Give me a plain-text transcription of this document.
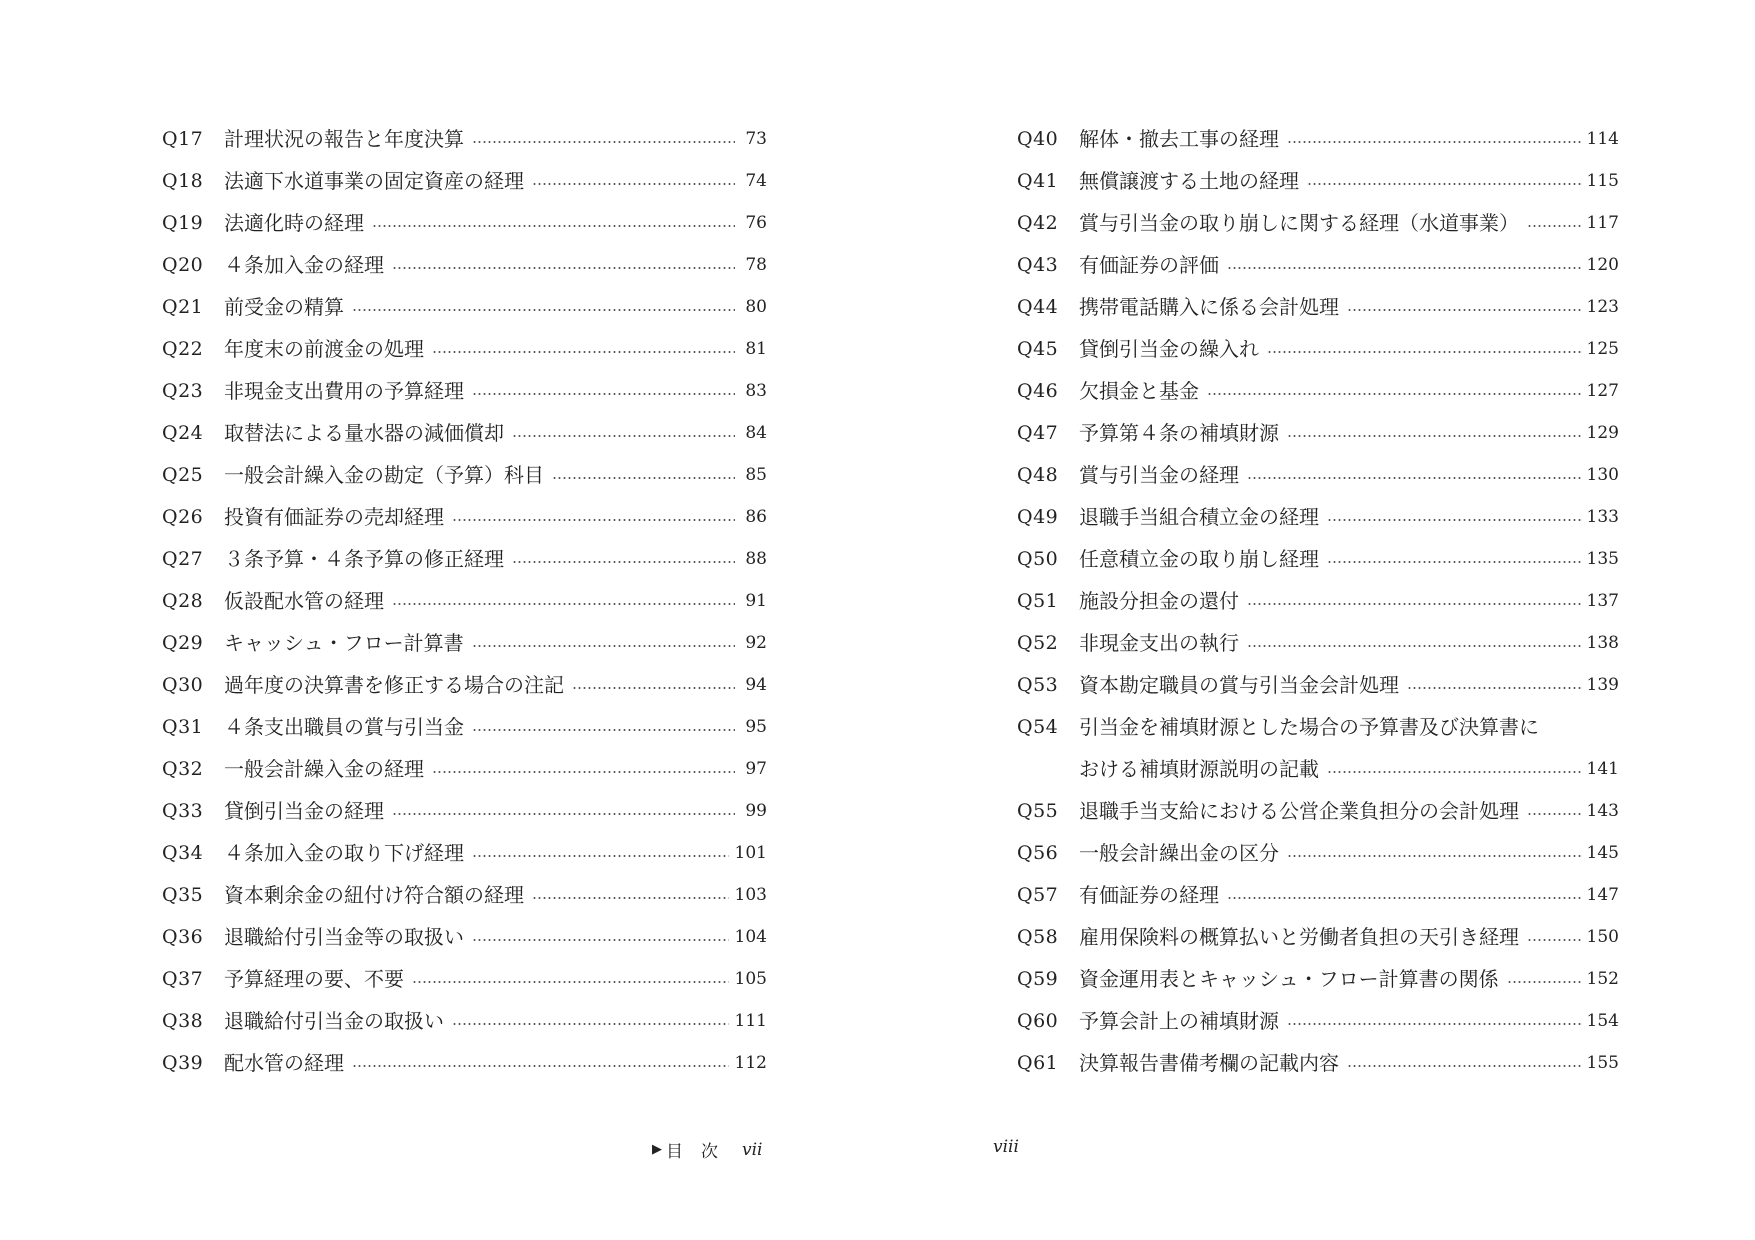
Q17	計理状況の報告と年度決算	73
Q18	法適下水道事業の固定資産の経理	74
Q19	法適化時の経理	76
Q20	４条加入金の経理	78
Q21	前受金の精算	80
Q22	年度末の前渡金の処理	81
Q23	非現金支出費用の予算経理	83
Q24	取替法による量水器の減価償却	84
Q25	一般会計繰入金の勘定（予算）科目	85
Q26	投資有価証券の売却経理	86
Q27	３条予算・４条予算の修正経理	88
Q28	仮設配水管の経理	91
Q29	キャッシュ・フロー計算書	92
Q30	過年度の決算書を修正する場合の注記	94
Q31	４条支出職員の賞与引当金	95
Q32	一般会計繰入金の経理	97
Q33	貸倒引当金の経理	99
Q34	４条加入金の取り下げ経理	101
Q35	資本剰余金の紐付け符合額の経理	103
Q36	退職給付引当金等の取扱い	104
Q37	予算経理の要、不要	105
Q38	退職給付引当金の取扱い	111
Q39	配水管の経理	112
Q40	解体・撤去工事の経理	114
Q41	無償譲渡する土地の経理	115
Q42	賞与引当金の取り崩しに関する経理（水道事業）	117
Q43	有価証券の評価	120
Q44	携帯電話購入に係る会計処理	123
Q45	貸倒引当金の繰入れ	125
Q46	欠損金と基金	127
Q47	予算第４条の補填財源	129
Q48	賞与引当金の経理	130
Q49	退職手当組合積立金の経理	133
Q50	任意積立金の取り崩し経理	135
Q51	施設分担金の還付	137
Q52	非現金支出の執行	138
Q53	資本勘定職員の賞与引当金会計処理	139
Q54	引当金を補填財源とした場合の予算書及び決算書に
おける補填財源説明の記載	141
Q55	退職手当支給における公営企業負担分の会計処理	143
Q56	一般会計繰出金の区分	145
Q57	有価証券の経理	147
Q58	雇用保険料の概算払いと労働者負担の天引き経理	150
Q59	資金運用表とキャッシュ・フロー計算書の関係	152
Q60	予算会計上の補填財源	154
Q61	決算報告書備考欄の記載内容	155
▶ 目次 vii	viii
